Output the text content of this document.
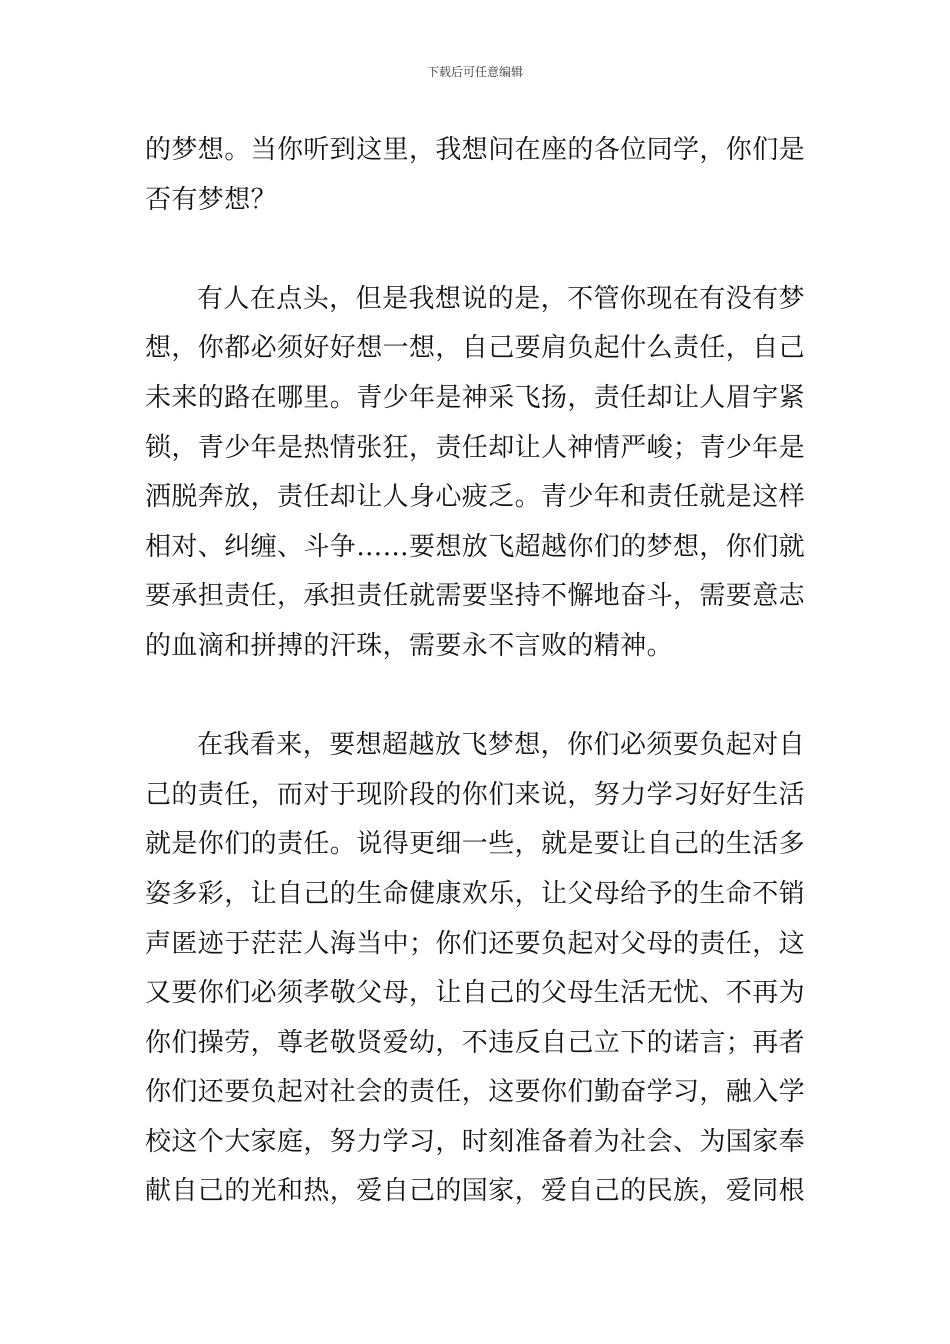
下载后可任意编辑
的梦想。当你听到这里，我想问在座的各位同学，你们是
否有梦想？
有人在点头，但是我想说的是，不管你现在有没有梦
想，你都必须好好想一想，自己要肩负起什么责任，自己
未来的路在哪里。青少年是神采飞扬，责任却让人眉宇紧
锁，青少年是热情张狂，责任却让人神情严峻；青少年是
洒脱奔放，责任却让人身心疲乏。青少年和责任就是这样
相对、纠缠、斗争……要想放飞超越你们的梦想，你们就
要承担责任，承担责任就需要坚持不懈地奋斗，需要意志
的血滴和拼搏的汗珠，需要永不言败的精神。
在我看来，要想超越放飞梦想，你们必须要负起对自
己的责任，而对于现阶段的你们来说，努力学习好好生活
就是你们的责任。说得更细一些，就是要让自己的生活多
姿多彩，让自己的生命健康欢乐，让父母给予的生命不销
声匿迹于茫茫人海当中；你们还要负起对父母的责任，这
又要你们必须孝敬父母，让自己的父母生活无忧、不再为
你们操劳，尊老敬贤爱幼，不违反自己立下的诺言；再者
你们还要负起对社会的责任，这要你们勤奋学习，融入学
校这个大家庭，努力学习，时刻准备着为社会、为国家奉
献自己的光和热，爱自己的国家，爱自己的民族，爱同根
